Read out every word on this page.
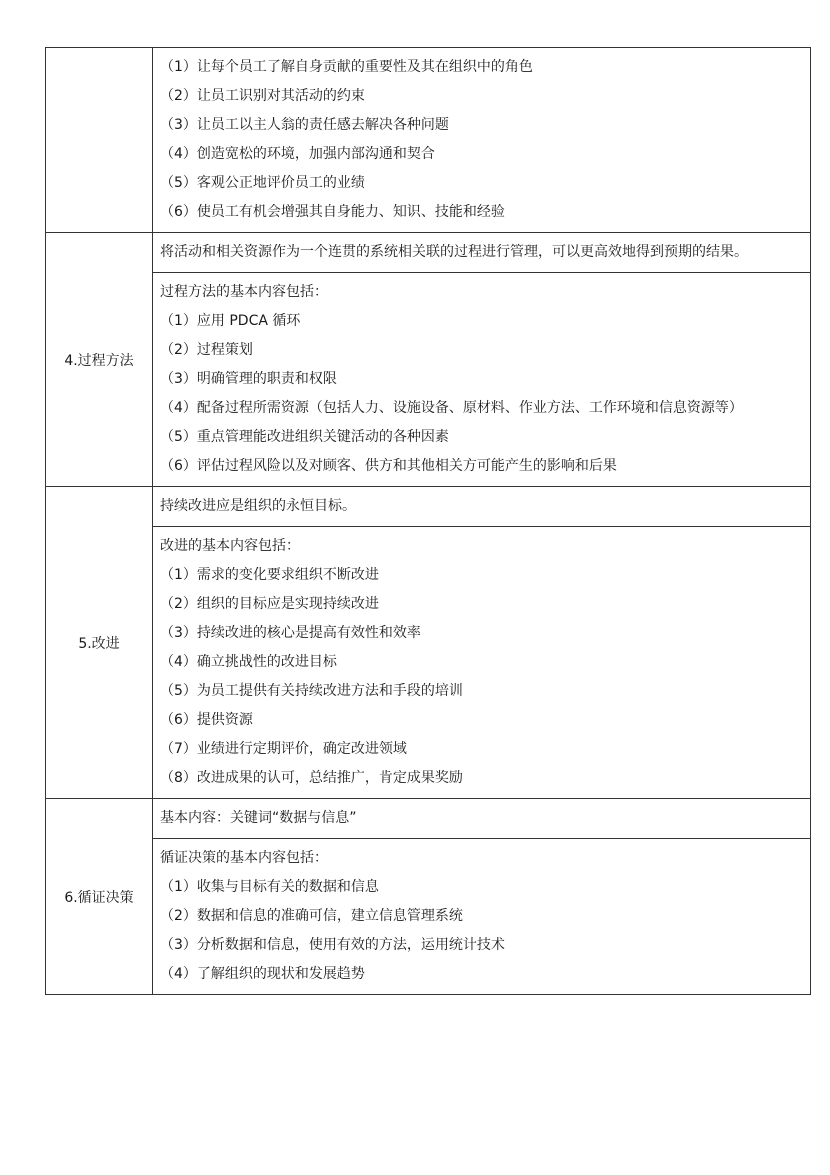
（1）让每个员工了解自身贡献的重要性及其在组织中的角色
（2）让员工识别对其活动的约束
（3）让员工以主人翁的责任感去解决各种问题
（4）创造宽松的环境，加强内部沟通和契合
（5）客观公正地评价员工的业绩
（6）使员工有机会增强其自身能力、知识、技能和经验
4.过程方法
将活动和相关资源作为一个连贯的系统相关联的过程进行管理，可以更高效地得到预期的结果。
过程方法的基本内容包括：
（1）应用 PDCA 循环
（2）过程策划
（3）明确管理的职责和权限
（4）配备过程所需资源（包括人力、设施设备、原材料、作业方法、工作环境和信息资源等）
（5）重点管理能改进组织关键活动的各种因素
（6）评估过程风险以及对顾客、供方和其他相关方可能产生的影响和后果
5.改进
持续改进应是组织的永恒目标。
改进的基本内容包括：
（1）需求的变化要求组织不断改进
（2）组织的目标应是实现持续改进
（3）持续改进的核心是提高有效性和效率
（4）确立挑战性的改进目标
（5）为员工提供有关持续改进方法和手段的培训
（6）提供资源
（7）业绩进行定期评价，确定改进领域
（8）改进成果的认可，总结推广，肯定成果奖励
6.循证决策
基本内容：关键词“数据与信息”
循证决策的基本内容包括：
（1）收集与目标有关的数据和信息
（2）数据和信息的准确可信，建立信息管理系统
（3）分析数据和信息，使用有效的方法，运用统计技术
（4）了解组织的现状和发展趋势
